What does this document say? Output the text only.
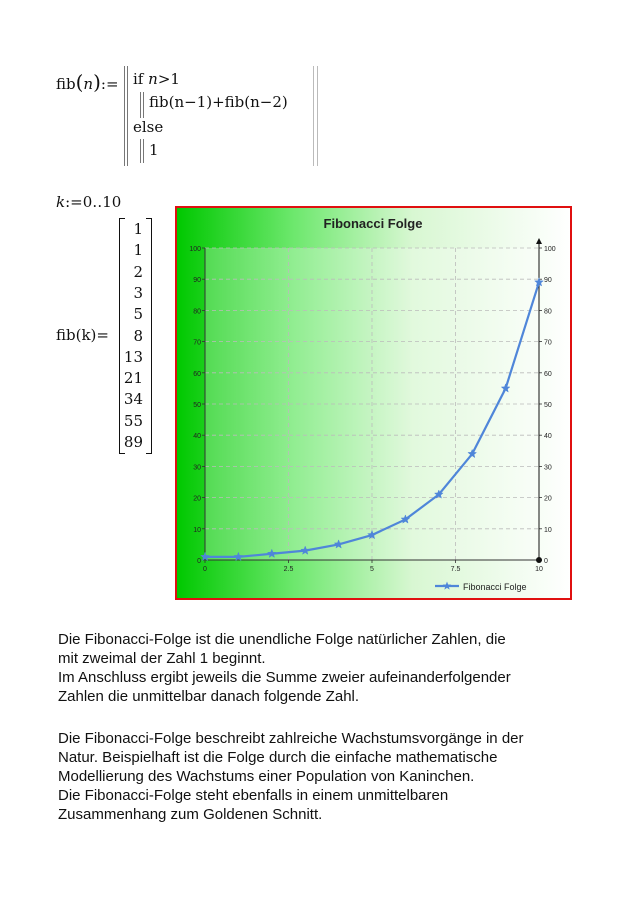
fib(n):= if n>1
fib(n−1)+fib(n−2)
else
1
k:=0‥10
fib(k)=
Fibonacci Folge
0	0
10	10
20	20
30	30
40	40
50	50
60	60
70	70
80	80
90	90
100	100
0	2.5	5	7.5	10
Fibonacci Folge
Die Fibonacci-Folge ist die unendliche Folge natürlicher Zahlen, die
mit zweimal der Zahl 1 beginnt.
Im Anschluss ergibt jeweils die Summe zweier aufeinanderfolgender
Zahlen die unmittelbar danach folgende Zahl.
Die Fibonacci-Folge beschreibt zahlreiche Wachstumsvorgänge in der
Natur. Beispielhaft ist die Folge durch die einfache mathematische
Modellierung des Wachstums einer Population von Kaninchen.
Die Fibonacci-Folge steht ebenfalls in einem unmittelbaren
Zusammenhang zum Goldenen Schnitt.
1
1
2
3
5
8
13
21
34
55
89
